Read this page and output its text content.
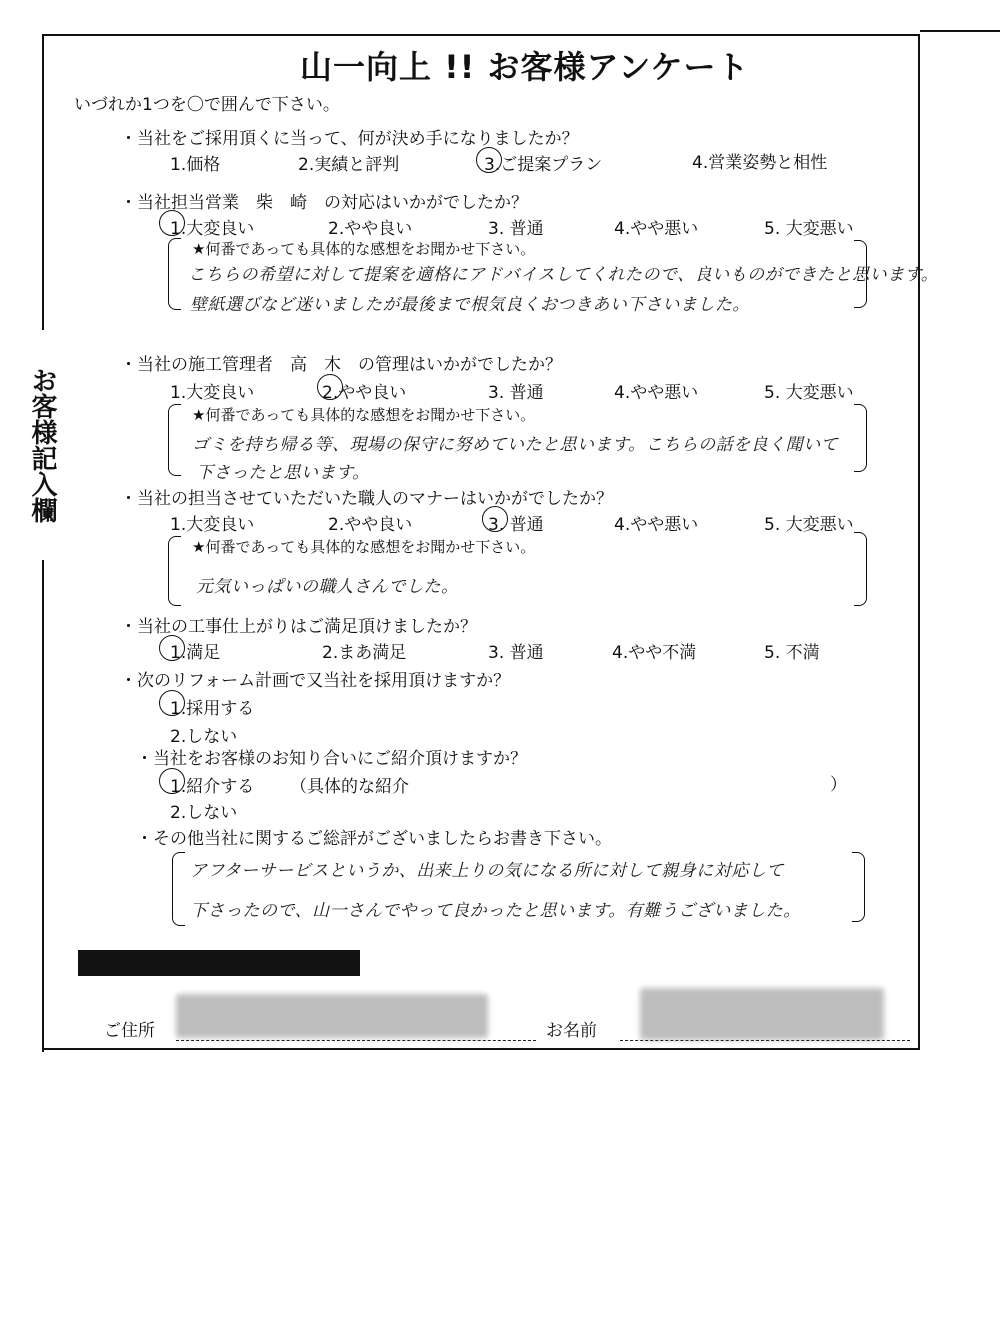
お客様記入欄
山一向上 !! お客様アンケート
いづれか1つを〇で囲んで下さい。
・当社をご採用頂くに当って、何が決め手になりましたか？
1.価格	2.実績と評判	3.ご提案プラン	4.営業姿勢と相性
・当社担当営業　柴　崎　の対応はいかがでしたか？
1.大変良い	2.やや良い	3. 普通	4.やや悪い	5. 大変悪い
★何番であっても具体的な感想をお聞かせ下さい。
こちらの希望に対して提案を適格にアドバイスしてくれたので、良いものができたと思います。
壁紙選びなど迷いましたが最後まで根気良くおつきあい下さいました。
・当社の施工管理者　高　木　の管理はいかがでしたか？
1.大変良い	2.やや良い	3. 普通	4.やや悪い	5. 大変悪い
★何番であっても具体的な感想をお聞かせ下さい。
ゴミを持ち帰る等、現場の保守に努めていたと思います。こちらの話を良く聞いて
下さったと思います。
・当社の担当させていただいた職人のマナーはいかがでしたか？
1.大変良い	2.やや良い	3. 普通	4.やや悪い	5. 大変悪い
★何番であっても具体的な感想をお聞かせ下さい。
元気いっぱいの職人さんでした。
・当社の工事仕上がりはご満足頂けましたか？
1.満足	2.まあ満足	3. 普通	4.やや不満	5. 不満
・次のリフォーム計画で又当社を採用頂けますか？
1.採用する
2.しない
・当社をお客様のお知り合いにご紹介頂けますか？
1.紹介する （具体的な紹介	）
2.しない
・その他当社に関するご総評がございましたらお書き下さい。
アフターサービスというか、出来上りの気になる所に対して親身に対応して
下さったので、山一さんでやって良かったと思います。有難うございました。
ご住所	お名前
